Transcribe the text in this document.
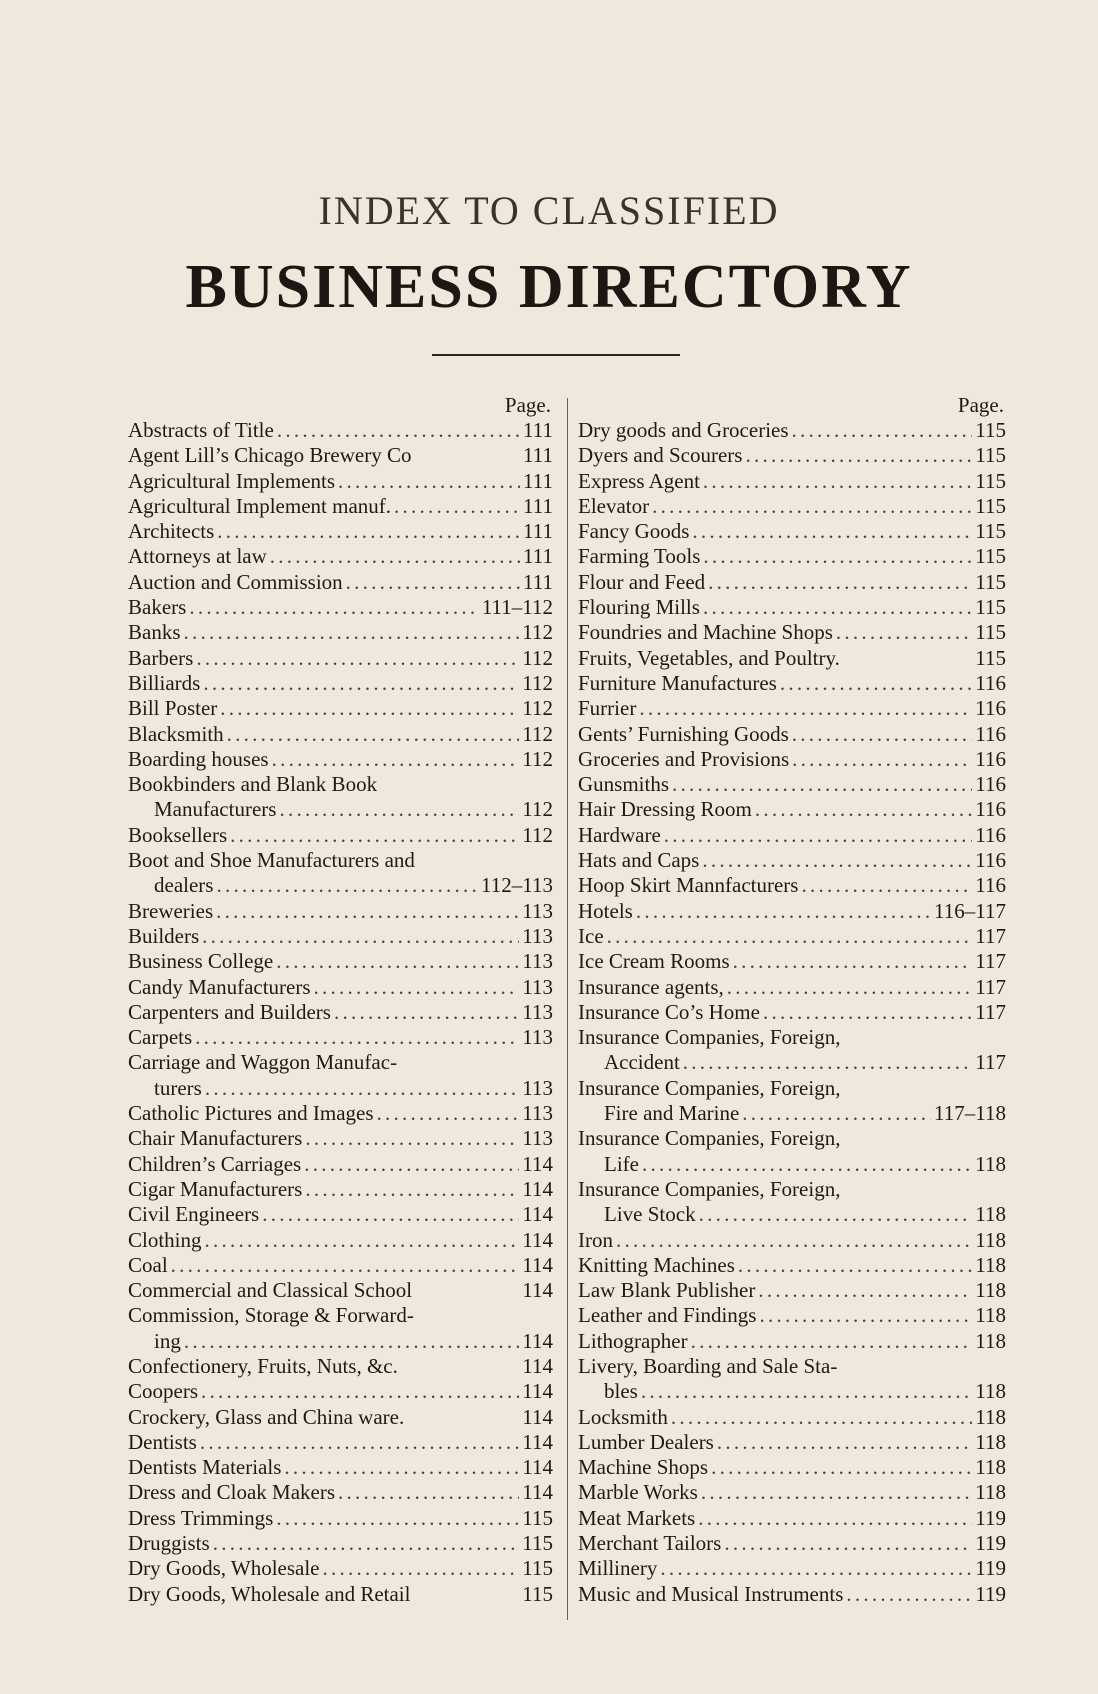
INDEX TO CLASSIFIED
BUSINESS DIRECTORY
Page.
Abstracts of Title . . .	111
Agent Lill’s Chicago Brewery Co	111
Agricultural Implements . . .	111
Agricultural Implement manuf. . . .	111
Architects . . .	111
Attorneys at law . . .	111
Auction and Commission . . .	111
Bakers . . .	111–112
Banks . . .	112
Barbers . . .	112
Billiards . . .	112
Bill Poster . . .	112
Blacksmith . . .	112
Boarding houses . . .	112
Bookbinders and Blank Book
Manufacturers . . .	112
Booksellers . . .	112
Boot and Shoe Manufacturers and
dealers . . .	112–113
Breweries . . .	113
Builders . . .	113
Business College . . .	113
Candy Manufacturers . . .	113
Carpenters and Builders . . .	113
Carpets . . .	113
Carriage and Waggon Manufac-
turers . . .	113
Catholic Pictures and Images . . .	113
Chair Manufacturers . . .	113
Children’s Carriages . . .	114
Cigar Manufacturers . . .	114
Civil Engineers . . .	114
Clothing . . .	114
Coal . . .	114
Commercial and Classical School	114
Commission, Storage & Forward-
ing . . .	114
Confectionery, Fruits, Nuts, &c.	114
Coopers . . .	114
Crockery, Glass and China ware.	114
Dentists . . .	114
Dentists Materials . . .	114
Dress and Cloak Makers . . .	114
Dress Trimmings . . .	115
Druggists . . .	115
Dry Goods, Wholesale . . .	115
Dry Goods, Wholesale and Retail	115
Page.
Dry goods and Groceries . . .	115
Dyers and Scourers . . .	115
Express Agent . . .	115
Elevator . . .	115
Fancy Goods . . .	115
Farming Tools . . .	115
Flour and Feed . . .	115
Flouring Mills . . .	115
Foundries and Machine Shops . . .	115
Fruits, Vegetables, and Poultry.	115
Furniture Manufactures . . .	116
Furrier . . .	116
Gents’ Furnishing Goods . . .	116
Groceries and Provisions . . .	116
Gunsmiths . . .	116
Hair Dressing Room . . .	116
Hardware . . .	116
Hats and Caps . . .	116
Hoop Skirt Mannfacturers . . .	116
Hotels . . .	116–117
Ice . . .	117
Ice Cream Rooms . . .	117
Insurance agents, . . .	117
Insurance Co’s Home . . .	117
Insurance Companies, Foreign,
Accident . . .	117
Insurance Companies, Foreign,
Fire and Marine . . .	117–118
Insurance Companies, Foreign,
Life . . .	118
Insurance Companies, Foreign,
Live Stock . . .	118
Iron . . .	118
Knitting Machines . . .	118
Law Blank Publisher . . .	118
Leather and Findings . . .	118
Lithographer . . .	118
Livery, Boarding and Sale Sta-
bles . . .	118
Locksmith . . .	118
Lumber Dealers . . .	118
Machine Shops . . .	118
Marble Works . . .	118
Meat Markets . . .	119
Merchant Tailors . . .	119
Millinery . . .	119
Music and Musical Instruments . . .	119
